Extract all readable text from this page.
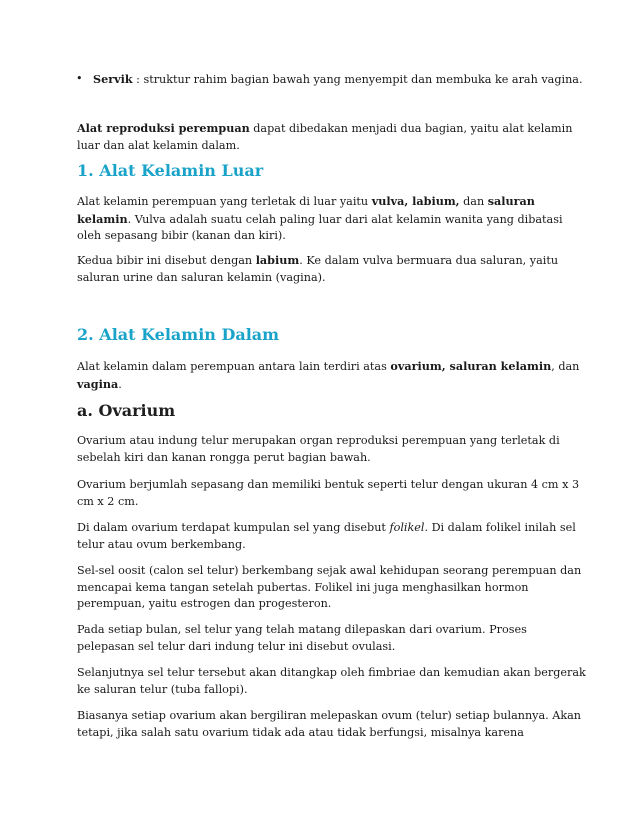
• Servik : struktur rahim bagian bawah yang menyempit dan membuka ke arah vagina.

Alat reproduksi perempuan dapat dibedakan menjadi dua bagian, yaitu alat kelamin luar dan alat kelamin dalam.

1. Alat Kelamin Luar

Alat kelamin perempuan yang terletak di luar yaitu vulva, labium, dan saluran kelamin. Vulva adalah suatu celah paling luar dari alat kelamin wanita yang dibatasi oleh sepasang bibir (kanan dan kiri).

Kedua bibir ini disebut dengan labium. Ke dalam vulva bermuara dua saluran, yaitu saluran urine dan saluran kelamin (vagina).

2. Alat Kelamin Dalam

Alat kelamin dalam perempuan antara lain terdiri atas ovarium, saluran kelamin, dan vagina.

a. Ovarium

Ovarium atau indung telur merupakan organ reproduksi perempuan yang terletak di sebelah kiri dan kanan rongga perut bagian bawah.

Ovarium berjumlah sepasang dan memiliki bentuk seperti telur dengan ukuran 4 cm x 3 cm x 2 cm.

Di dalam ovarium terdapat kumpulan sel yang disebut folikel. Di dalam folikel inilah sel telur atau ovum berkembang.

Sel-sel oosit (calon sel telur) berkembang sejak awal kehidupan seorang perempuan dan mencapai kema tangan setelah pubertas. Folikel ini juga menghasilkan hormon perempuan, yaitu estrogen dan progesteron.

Pada setiap bulan, sel telur yang telah matang dilepaskan dari ovarium. Proses pelepasan sel telur dari indung telur ini disebut ovulasi.

Selanjutnya sel telur tersebut akan ditangkap oleh fimbriae dan kemudian akan bergerak ke saluran telur (tuba fallopi).

Biasanya setiap ovarium akan bergiliran melepaskan ovum (telur) setiap bulannya. Akan tetapi, jika salah satu ovarium tidak ada atau tidak berfungsi, misalnya karena
